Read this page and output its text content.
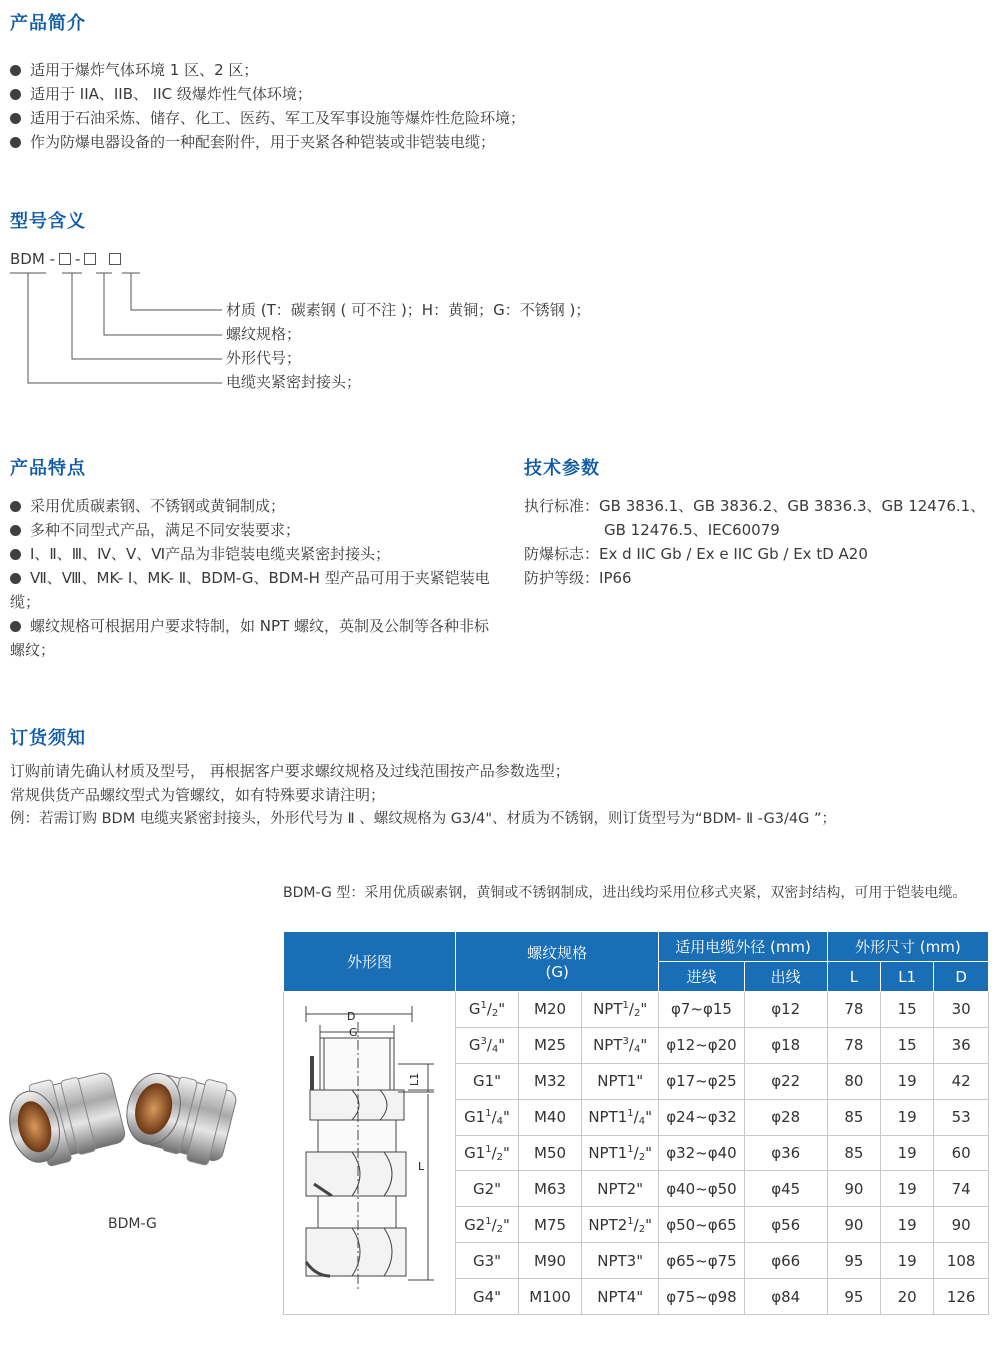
产品简介
适用于爆炸气体环境 1 区、2 区；
适用于 IIA、IIB、 IIC 级爆炸性气体环境；
适用于石油采炼、储存、化工、医药、军工及军事设施等爆炸性危险环境；
作为防爆电器设备的一种配套附件，用于夹紧各种铠装或非铠装电缆；
型号含义
BDM - -
材质 (T：碳素钢 ( 可不注 )；H：黄铜；G：不锈钢 )；
螺纹规格；
外形代号；
电缆夹紧密封接头；
产品特点
采用优质碳素钢、不锈钢或黄铜制成；
多种不同型式产品，满足不同安装要求；
Ⅰ、Ⅱ、Ⅲ、Ⅳ、Ⅴ、Ⅵ产品为非铠装电缆夹紧密封接头；
Ⅶ、Ⅷ、MK- Ⅰ、MK- Ⅱ、BDM-G、BDM-H 型产品可用于夹紧铠装电缆；
螺纹规格可根据用户要求特制，如 NPT 螺纹，英制及公制等各种非标螺纹；
技术参数
执行标准：GB 3836.1、GB 3836.2、GB 3836.3、GB 12476.1、
GB 12476.5、IEC60079
防爆标志：Ex d IIC Gb / Ex e IIC Gb / Ex tD A20
防护等级：IP66
订货须知
订购前请先确认材质及型号， 再根据客户要求螺纹规格及过线范围按产品参数选型；
常规供货产品螺纹型式为管螺纹，如有特殊要求请注明；
例：若需订购 BDM 电缆夹紧密封接头，外形代号为 Ⅱ 、螺纹规格为 G3/4"、材质为不锈钢，则订货型号为“BDM- Ⅱ -G3/4G ”；
BDM-G
BDM-G 型：采用优质碳素钢，黄铜或不锈钢制成，进出线均采用位移式夹紧，双密封结构，可用于铠装电缆。
外形图	螺纹规格
(G)			适用电缆外径 (mm)		外形尺寸 (mm)		
				进线	出线	L	L1	D

D
G
L1
L	$G^1/_2$"	M20	$NPT^1/_2$"	φ7~φ15	φ12	78	15	30
	$G^3/_4$"	M25	$NPT^3/_4$"	φ12~φ20	φ18	78	15	36
	G1"	M32	NPT1"	φ17~φ25	φ22	80	19	42
	$G1^1/_4$"	M40	$NPT1^1/_4$"	φ24~φ32	φ28	85	19	53
	$G1^1/_2$"	M50	$NPT1^1/_2$"	φ32~φ40	φ36	85	19	60
	G2"	M63	NPT2"	φ40~φ50	φ45	90	19	74
	$G2^1/_2$"	M75	$NPT2^1/_2$"	φ50~φ65	φ56	90	19	90
	G3"	M90	NPT3"	φ65~φ75	φ66	95	19	108
	G4"	M100	NPT4"	φ75~φ98	φ84	95	20	126
